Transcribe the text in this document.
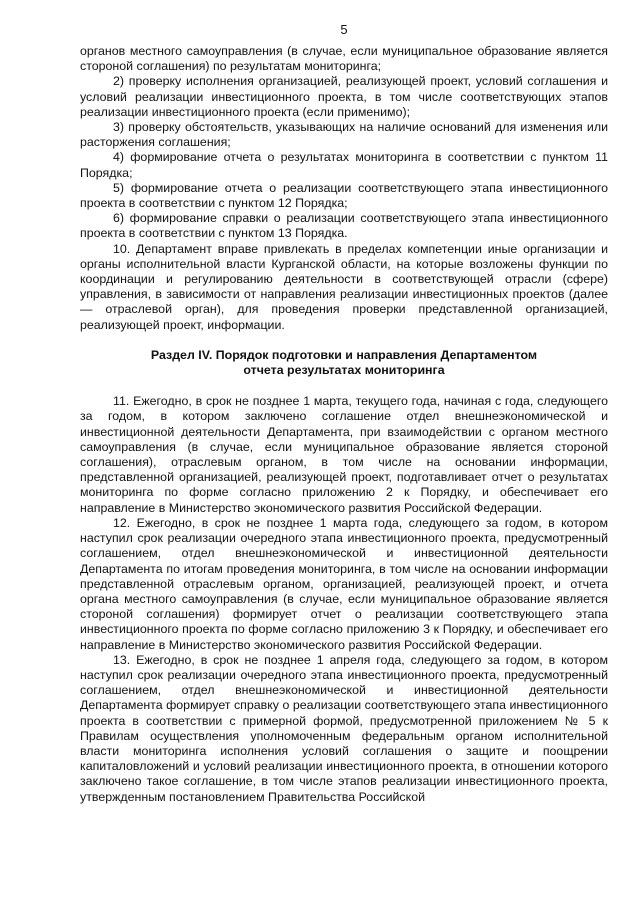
5

органов местного самоуправления (в случае, если муниципальное образование является стороной соглашения) по результатам мониторинга;

2) проверку исполнения организацией, реализующей проект, условий соглашения и условий реализации инвестиционного проекта, в том числе соответствующих этапов реализации инвестиционного проекта (если применимо);

3) проверку обстоятельств, указывающих на наличие оснований для изменения или расторжения соглашения;

4) формирование отчета о результатах мониторинга в соответствии с пунктом 11 Порядка;

5) формирование отчета о реализации соответствующего этапа инвестиционного проекта в соответствии с пунктом 12 Порядка;

6) формирование справки о реализации соответствующего этапа инвестиционного проекта в соответствии с пунктом 13 Порядка.

10. Департамент вправе привлекать в пределах компетенции иные организации и органы исполнительной власти Курганской области, на которые возложены функции по координации и регулированию деятельности в соответствующей отрасли (сфере) управления, в зависимости от направления реализации инвестиционных проектов (далее — отраслевой орган), для проведения проверки представленной организацией, реализующей проект, информации.

Раздел IV. Порядок подготовки и направления Департаментом
отчета результатах мониторинга

11. Ежегодно, в срок не позднее 1 марта, текущего года, начиная с года, следующего за годом, в котором заключено соглашение отдел внешнеэкономической и инвестиционной деятельности Департамента, при взаимодействии с органом местного самоуправления (в случае, если муниципальное образование является стороной соглашения), отраслевым органом, в том числе на основании информации, представленной организацией, реализующей проект, подготавливает отчет о результатах мониторинга по форме согласно приложению 2 к Порядку, и обеспечивает его направление в Министерство экономического развития Российской Федерации.

12. Ежегодно, в срок не позднее 1 марта года, следующего за годом, в котором наступил срок реализации очередного этапа инвестиционного проекта, предусмотренный соглашением, отдел внешнеэкономической и инвестиционной деятельности Департамента по итогам проведения мониторинга, в том числе на основании информации представленной отраслевым органом, организацией, реализующей проект, и отчета органа местного самоуправления (в случае, если муниципальное образование является стороной соглашения) формирует отчет о реализации соответствующего этапа инвестиционного проекта по форме согласно приложению 3 к Порядку, и обеспечивает его направление в Министерство экономического развития Российской Федерации.

13. Ежегодно, в срок не позднее 1 апреля года, следующего за годом, в котором наступил срок реализации очередного этапа инвестиционного проекта, предусмотренный соглашением, отдел внешнеэкономической и инвестиционной деятельности Департамента формирует справку о реализации соответствующего этапа инвестиционного проекта в соответствии с примерной формой, предусмотренной приложением № 5 к Правилам осуществления уполномоченным федеральным органом исполнительной власти мониторинга исполнения условий соглашения о защите и поощрении капиталовложений и условий реализации инвестиционного проекта, в отношении которого заключено такое соглашение, в том числе этапов реализации инвестиционного проекта, утвержденным постановлением Правительства Российской
